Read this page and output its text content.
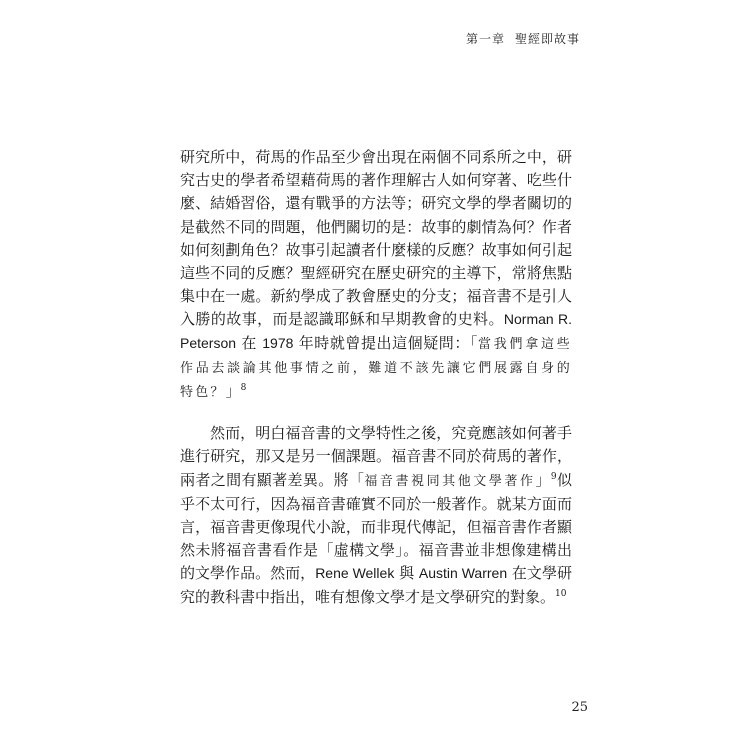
第一章 聖經即故事

研究所中，荷馬的作品至少會出現在兩個不同系所之中，研究古史的學者希望藉荷馬的著作理解古人如何穿著、吃些什麼、結婚習俗，還有戰爭的方法等；研究文學的學者關切的是截然不同的問題，他們關切的是：故事的劇情為何？作者如何刻劃角色？故事引起讀者什麼樣的反應？故事如何引起這些不同的反應？聖經研究在歷史研究的主導下，常將焦點集中在一處。新約學成了教會歷史的分支；福音書不是引人入勝的故事，而是認識耶穌和早期教會的史料。Norman R. Peterson 在 1978 年時就曾提出這個疑問：「當我們拿這些作品去談論其他事情之前，難道不該先讓它們展露自身的特色？」$^8$

然而，明白福音書的文學特性之後，究竟應該如何著手進行研究，那又是另一個課題。福音書不同於荷馬的著作，兩者之間有顯著差異。將「福音書視同其他文學著作」$^9$似乎不太可行，因為福音書確實不同於一般著作。就某方面而言，福音書更像現代小說，而非現代傳記，但福音書作者顯然未將福音書看作是「虛構文學」。福音書並非想像建構出的文學作品。然而，Rene Wellek 與 Austin Warren 在文學研究的教科書中指出，唯有想像文學才是文學研究的對象。$^{10}$

25
